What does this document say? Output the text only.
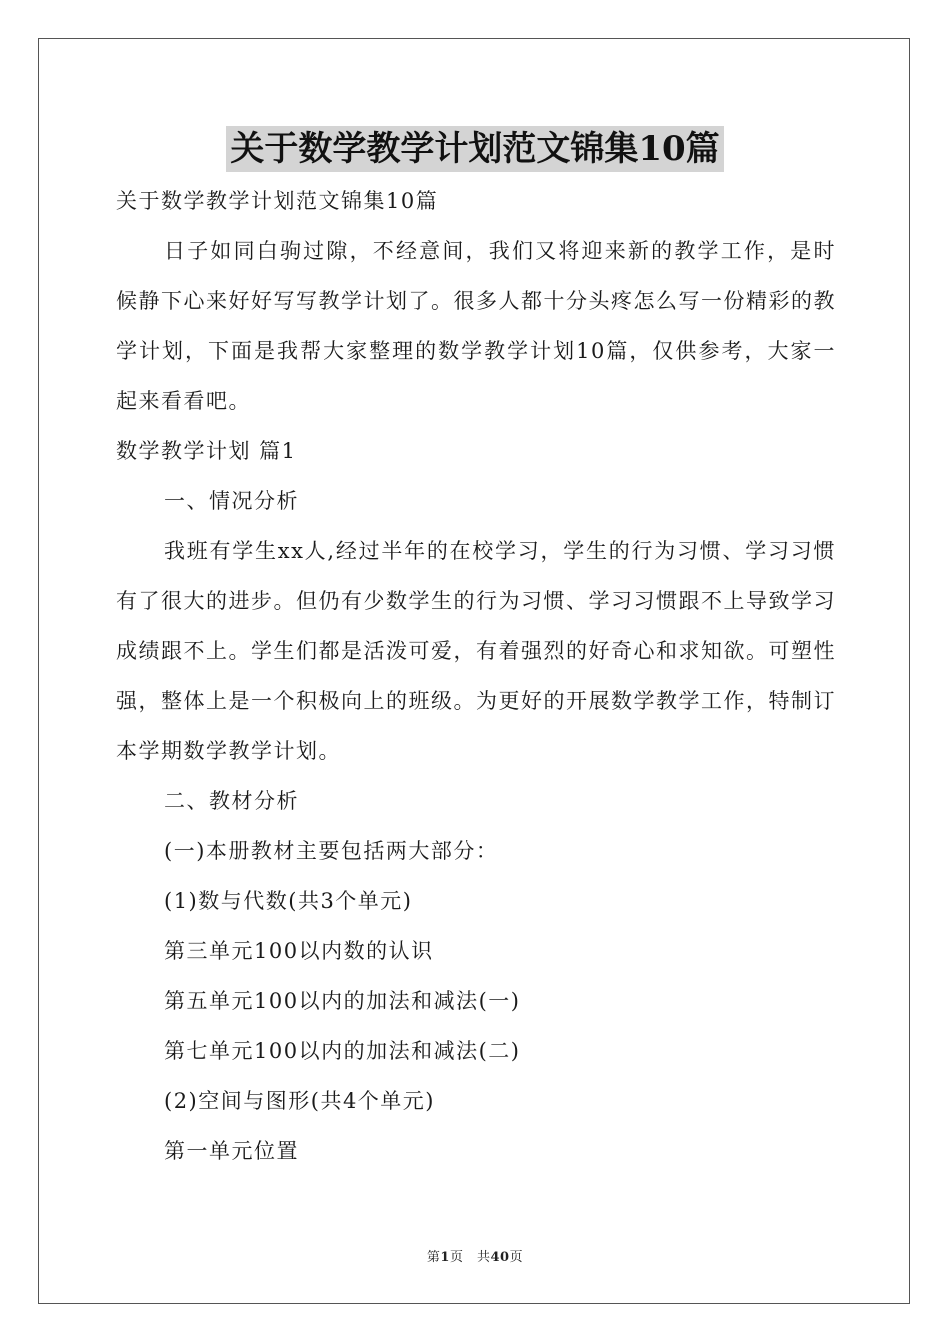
关于数学教学计划范文锦集10篇
关于数学教学计划范文锦集10篇

日子如同白驹过隙，不经意间，我们又将迎来新的教学工作，是时候静下心来好好写写教学计划了。很多人都十分头疼怎么写一份精彩的教学计划，下面是我帮大家整理的数学教学计划10篇，仅供参考，大家一起来看看吧。

数学教学计划 篇1
一、情况分析

我班有学生xx人,经过半年的在校学习，学生的行为习惯、学习习惯有了很大的进步。但仍有少数学生的行为习惯、学习习惯跟不上导致学习成绩跟不上。学生们都是活泼可爱，有着强烈的好奇心和求知欲。可塑性强，整体上是一个积极向上的班级。为更好的开展数学教学工作，特制订本学期数学教学计划。

二、教材分析
(一)本册教材主要包括两大部分：
(1)数与代数(共3个单元)
第三单元100以内数的认识
第五单元100以内的加法和减法(一)
第七单元100以内的加法和减法(二)
(2)空间与图形(共4个单元)
第一单元位置
第1页　共40页
